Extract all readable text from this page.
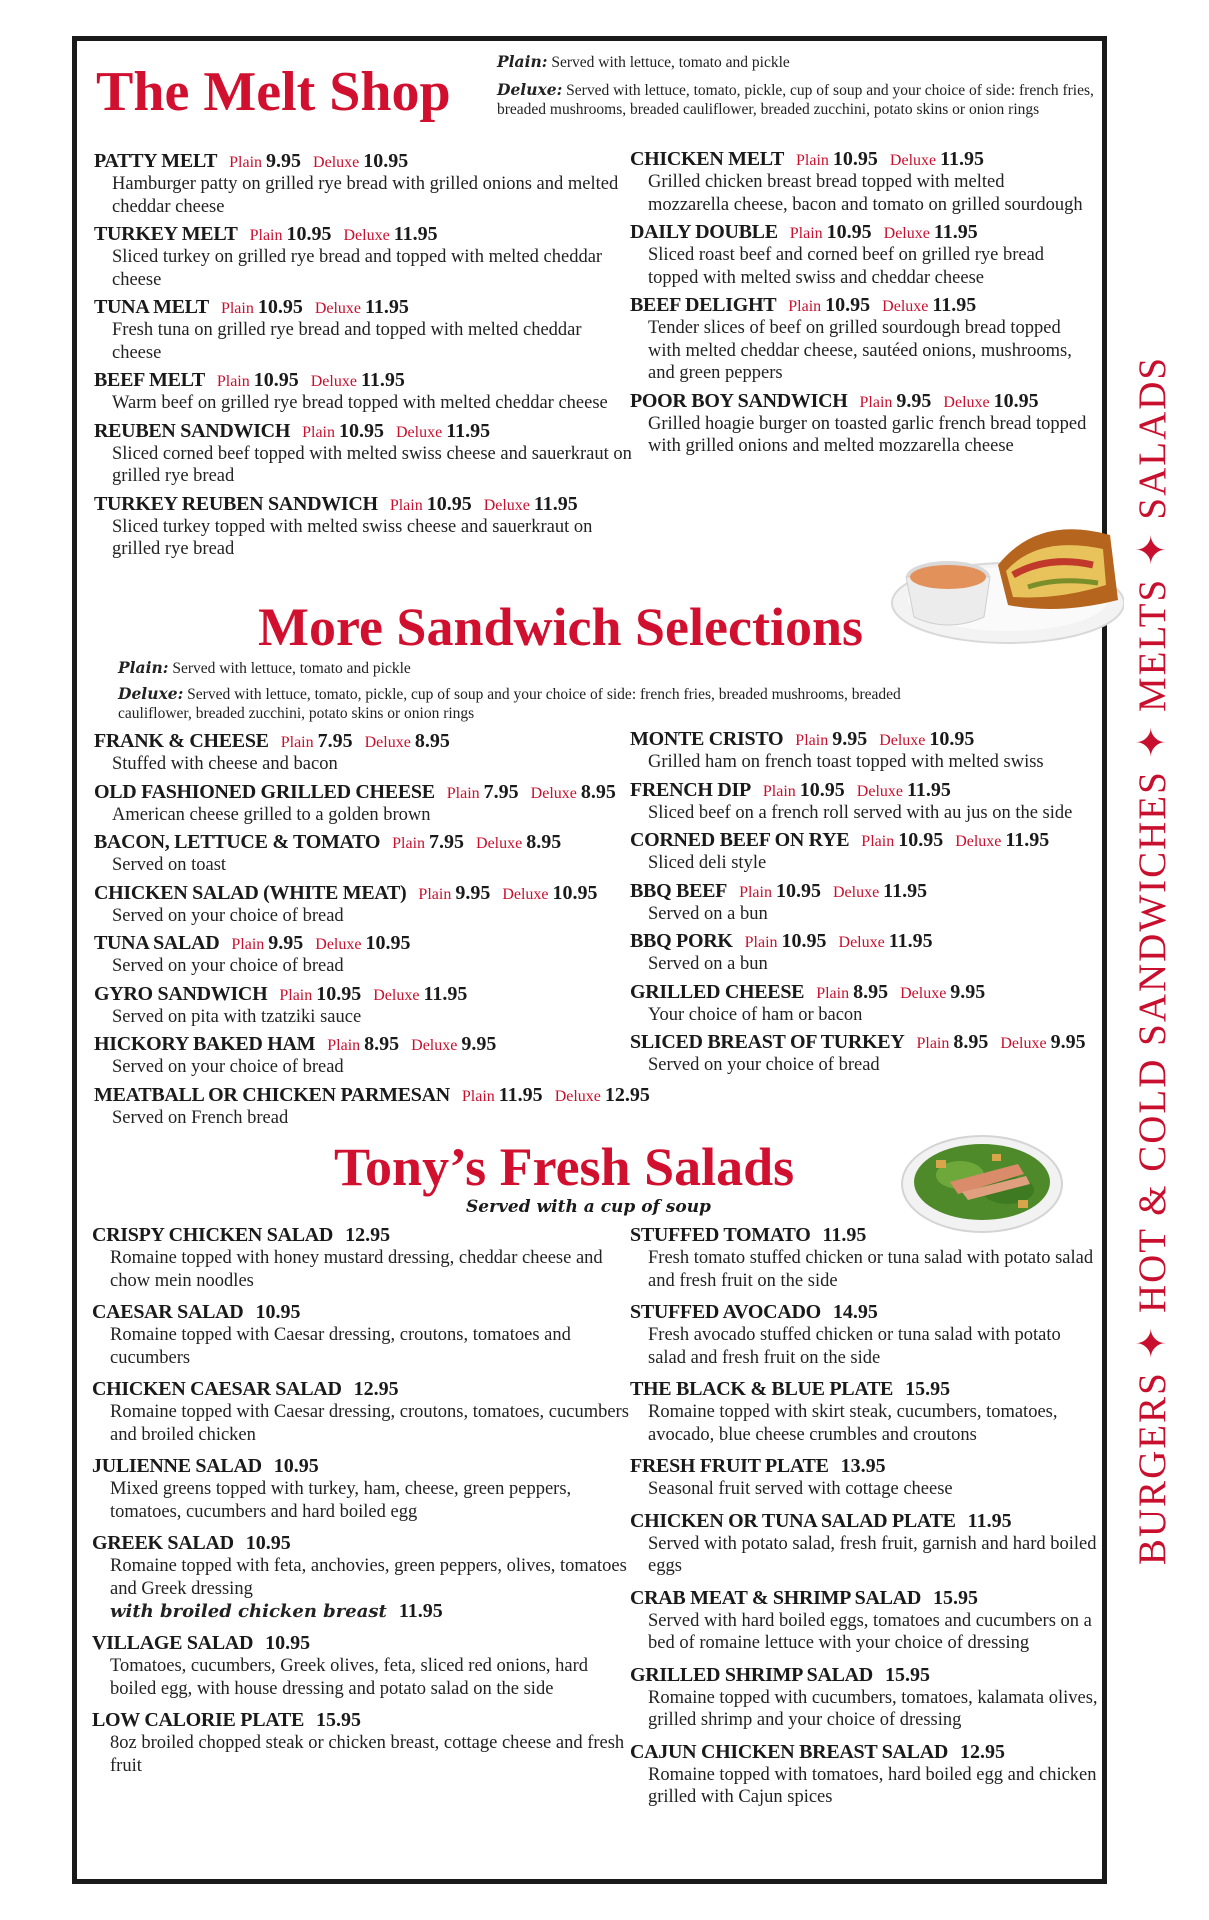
BURGERS ✦ HOT & COLD SANDWICHES ✦ MELTS ✦ SALADS
The Melt Shop	Plain: Served with lettuce, tomato and pickle
Deluxe: Served with lettuce, tomato, pickle, cup of soup and your choice of side: french fries, breaded mushrooms, breaded cauliflower, breaded zucchini, potato skins or onion rings
PATTY MELT Plain 9.95 Deluxe 10.95
Hamburger patty on grilled rye bread with grilled onions and melted cheddar cheese
TURKEY MELT Plain 10.95 Deluxe 11.95
Sliced turkey on grilled rye bread and topped with melted cheddar cheese
TUNA MELT Plain 10.95 Deluxe 11.95
Fresh tuna on grilled rye bread and topped with melted cheddar cheese
BEEF MELT Plain 10.95 Deluxe 11.95
Warm beef on grilled rye bread topped with melted cheddar cheese
REUBEN SANDWICH Plain 10.95 Deluxe 11.95
Sliced corned beef topped with melted swiss cheese and sauerkraut on grilled rye bread
TURKEY REUBEN SANDWICH Plain 10.95 Deluxe 11.95
Sliced turkey topped with melted swiss cheese and sauerkraut on grilled rye bread
CHICKEN MELT Plain 10.95 Deluxe 11.95
Grilled chicken breast bread topped with melted mozzarella cheese, bacon and tomato on grilled sourdough
DAILY DOUBLE Plain 10.95 Deluxe 11.95
Sliced roast beef and corned beef on grilled rye bread topped with melted swiss and cheddar cheese
BEEF DELIGHT Plain 10.95 Deluxe 11.95
Tender slices of beef on grilled sourdough bread topped with melted cheddar cheese, sautéed onions, mushrooms, and green peppers
POOR BOY SANDWICH Plain 9.95 Deluxe 10.95
Grilled hoagie burger on toasted garlic french bread topped with grilled onions and melted mozzarella cheese
More Sandwich Selections
Plain: Served with lettuce, tomato and pickle
Deluxe: Served with lettuce, tomato, pickle, cup of soup and your choice of side: french fries, breaded mushrooms, breaded cauliflower, breaded zucchini, potato skins or onion rings
FRANK & CHEESE Plain 7.95 Deluxe 8.95
Stuffed with cheese and bacon
OLD FASHIONED GRILLED CHEESE Plain 7.95 Deluxe 8.95
American cheese grilled to a golden brown
BACON, LETTUCE & TOMATO Plain 7.95 Deluxe 8.95
Served on toast
CHICKEN SALAD (WHITE MEAT) Plain 9.95 Deluxe 10.95
Served on your choice of bread
TUNA SALAD Plain 9.95 Deluxe 10.95
Served on your choice of bread
GYRO SANDWICH Plain 10.95 Deluxe 11.95
Served on pita with tzatziki sauce
HICKORY BAKED HAM Plain 8.95 Deluxe 9.95
Served on your choice of bread
MEATBALL OR CHICKEN PARMESAN Plain 11.95 Deluxe 12.95
Served on French bread
MONTE CRISTO Plain 9.95 Deluxe 10.95
Grilled ham on french toast topped with melted swiss
FRENCH DIP Plain 10.95 Deluxe 11.95
Sliced beef on a french roll served with au jus on the side
CORNED BEEF ON RYE Plain 10.95 Deluxe 11.95
Sliced deli style
BBQ BEEF Plain 10.95 Deluxe 11.95
Served on a bun
BBQ PORK Plain 10.95 Deluxe 11.95
Served on a bun
GRILLED CHEESE Plain 8.95 Deluxe 9.95
Your choice of ham or bacon
SLICED BREAST OF TURKEY Plain 8.95 Deluxe 9.95
Served on your choice of bread
Tony’s Fresh Salads
Served with a cup of soup
CRISPY CHICKEN SALAD 12.95
Romaine topped with honey mustard dressing, cheddar cheese and chow mein noodles
CAESAR SALAD 10.95
Romaine topped with Caesar dressing, croutons, tomatoes and cucumbers
CHICKEN CAESAR SALAD 12.95
Romaine topped with Caesar dressing, croutons, tomatoes, cucumbers and broiled chicken
JULIENNE SALAD 10.95
Mixed greens topped with turkey, ham, cheese, green peppers, tomatoes, cucumbers and hard boiled egg
GREEK SALAD 10.95
Romaine topped with feta, anchovies, green peppers, olives, tomatoes and Greek dressing
with broiled chicken breast 11.95
VILLAGE SALAD 10.95
Tomatoes, cucumbers, Greek olives, feta, sliced red onions, hard boiled egg, with house dressing and potato salad on the side
LOW CALORIE PLATE 15.95
8oz broiled chopped steak or chicken breast, cottage cheese and fresh fruit
STUFFED TOMATO 11.95
Fresh tomato stuffed chicken or tuna salad with potato salad and fresh fruit on the side
STUFFED AVOCADO 14.95
Fresh avocado stuffed chicken or tuna salad with potato salad and fresh fruit on the side
THE BLACK & BLUE PLATE 15.95
Romaine topped with skirt steak, cucumbers, tomatoes, avocado, blue cheese crumbles and croutons
FRESH FRUIT PLATE 13.95
Seasonal fruit served with cottage cheese
CHICKEN OR TUNA SALAD PLATE 11.95
Served with potato salad, fresh fruit, garnish and hard boiled eggs
CRAB MEAT & SHRIMP SALAD 15.95
Served with hard boiled eggs, tomatoes and cucumbers on a bed of romaine lettuce with your choice of dressing
GRILLED SHRIMP SALAD 15.95
Romaine topped with cucumbers, tomatoes, kalamata olives, grilled shrimp and your choice of dressing
CAJUN CHICKEN BREAST SALAD 12.95
Romaine topped with tomatoes, hard boiled egg and chicken grilled with Cajun spices
